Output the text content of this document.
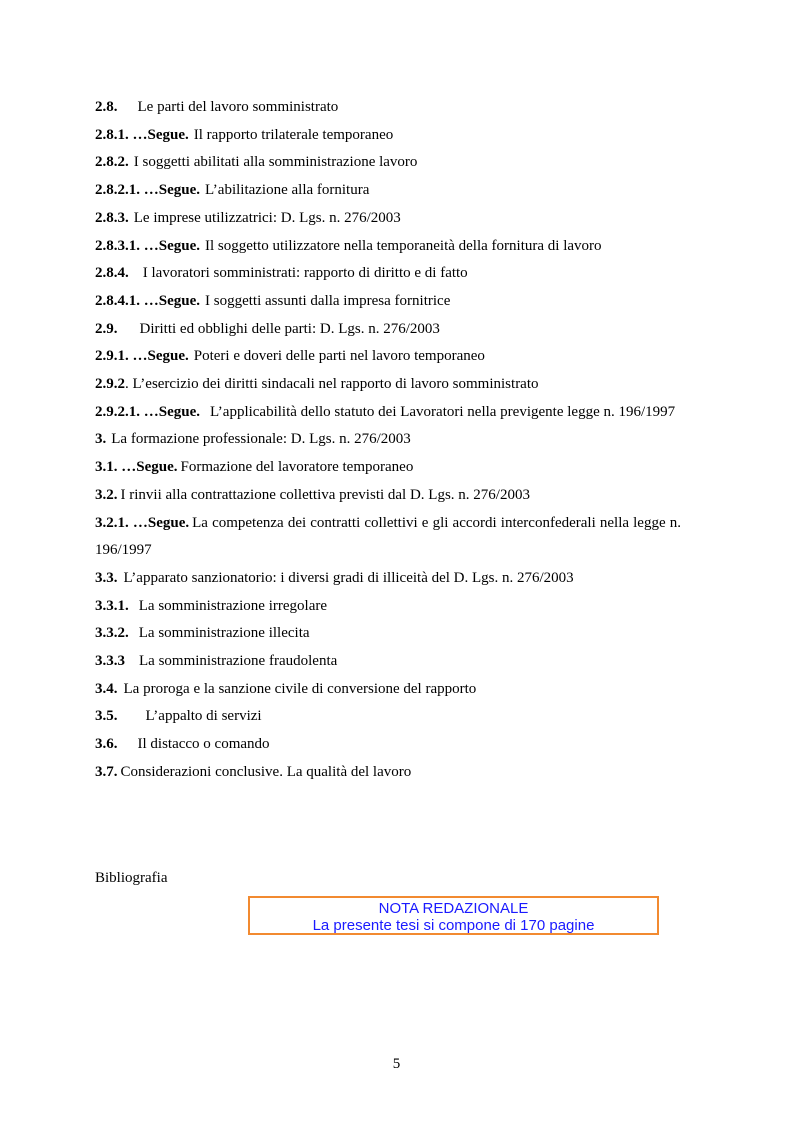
2.8. Le parti del lavoro somministrato
2.8.1. …Segue. Il rapporto trilaterale temporaneo
2.8.2. I soggetti abilitati alla somministrazione lavoro
2.8.2.1. …Segue. L’abilitazione alla fornitura
2.8.3. Le imprese utilizzatrici: D. Lgs. n. 276/2003
2.8.3.1. …Segue. Il soggetto utilizzatore nella temporaneità della fornitura di lavoro
2.8.4. I lavoratori somministrati: rapporto di diritto e di fatto
2.8.4.1. …Segue. I soggetti assunti dalla impresa fornitrice
2.9. Diritti ed obblighi delle parti: D. Lgs. n. 276/2003
2.9.1. …Segue. Poteri e doveri delle parti nel lavoro temporaneo
2.9.2. L’esercizio dei diritti sindacali nel rapporto di lavoro somministrato
2.9.2.1. …Segue. L’applicabilità dello statuto dei Lavoratori nella previgente legge n. 196/1997
3. La formazione professionale: D. Lgs. n. 276/2003
3.1. …Segue. Formazione del lavoratore temporaneo
3.2. I rinvii alla contrattazione collettiva previsti dal D. Lgs. n. 276/2003
3.2.1. …Segue. La competenza dei contratti collettivi e gli accordi interconfederali nella legge n. 196/1997
3.3. L’apparato sanzionatorio: i diversi gradi di illiceità del D. Lgs. n. 276/2003
3.3.1. La somministrazione irregolare
3.3.2. La somministrazione illecita
3.3.3 La somministrazione fraudolenta
3.4. La proroga e la sanzione civile di conversione del rapporto
3.5. L’appalto di servizi
3.6. Il distacco o comando
3.7. Considerazioni conclusive. La qualità del lavoro
Bibliografia
NOTA REDAZIONALE
La presente tesi si compone di 170 pagine
5
